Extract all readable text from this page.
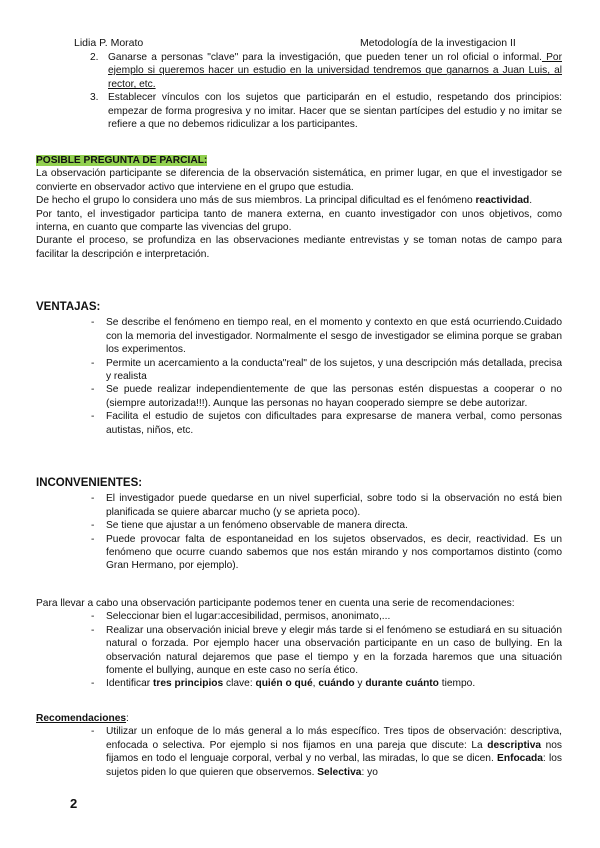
Lidia P. Morato	Metodología de la investigacion II
2. Ganarse a personas "clave" para la investigación, que pueden tener un rol oficial o informal. Por ejemplo si queremos hacer un estudio en la universidad tendremos que ganarnos a Juan Luis, al rector, etc.
3. Establecer vínculos con los sujetos que participarán en el estudio, respetando dos principios: empezar de forma progresiva y no imitar. Hacer que se sientan partícipes del estudio y no imitar se refiere a que no debemos ridiculizar a los participantes.

POSIBLE PREGUNTA DE PARCIAL:

La observación participante se diferencia de la observación sistemática, en primer lugar, en que el investigador se convierte en observador activo que interviene en el grupo que estudia.

De hecho el grupo lo considera uno más de sus miembros. La principal dificultad es el fenómeno reactividad.

Por tanto, el investigador participa tanto de manera externa, en cuanto investigador con unos objetivos, como interna, en cuanto que comparte las vivencias del grupo.

Durante el proceso, se profundiza en las observaciones mediante entrevistas y se toman notas de campo para facilitar la descripción e interpretación.

VENTAJAS:
- Se describe el fenómeno en tiempo real, en el momento y contexto en que está ocurriendo.Cuidado con la memoria del investigador. Normalmente el sesgo de investigador se elimina porque se graban los experimentos.
- Permite un acercamiento a la conducta"real" de los sujetos, y una descripción más detallada, precisa y realista
- Se puede realizar independientemente de que las personas estén dispuestas a cooperar o no (siempre autorizada!!!). Aunque las personas no hayan cooperado siempre se debe autorizar.
- Facilita el estudio de sujetos con dificultades para expresarse de manera verbal, como personas autistas, niños, etc.
INCONVENIENTES:
- El investigador puede quedarse en un nivel superficial, sobre todo si la observación no está bien planificada se quiere abarcar mucho (y se aprieta poco).
- Se tiene que ajustar a un fenómeno observable de manera directa.
- Puede provocar falta de espontaneidad en los sujetos observados, es decir, reactividad. Es un fenómeno que ocurre cuando sabemos que nos están mirando y nos comportamos distinto (como Gran Hermano, por ejemplo).

Para llevar a cabo una observación participante podemos tener en cuenta una serie de recomendaciones:

- Seleccionar bien el lugar:accesibilidad, permisos, anonimato,...
- Realizar una observación inicial breve y elegir más tarde si el fenómeno se estudiará en su situación natural o forzada. Por ejemplo hacer una observación participante en un caso de bullying. En la observación natural dejaremos que pase el tiempo y en la forzada haremos que una situación fomente el bullying, aunque en este caso no sería ético.
- Identificar tres principios clave: quién o qué, cuándo y durante cuánto tiempo.

Recomendaciones:

- Utilizar un enfoque de lo más general a lo más específico. Tres tipos de observación: descriptiva, enfocada o selectiva. Por ejemplo si nos fijamos en una pareja que discute: La descriptiva nos fijamos en todo el lenguaje corporal, verbal y no verbal, las miradas, lo que se dicen. Enfocada: los sujetos piden lo que quieren que observemos. Selectiva: yo
2
